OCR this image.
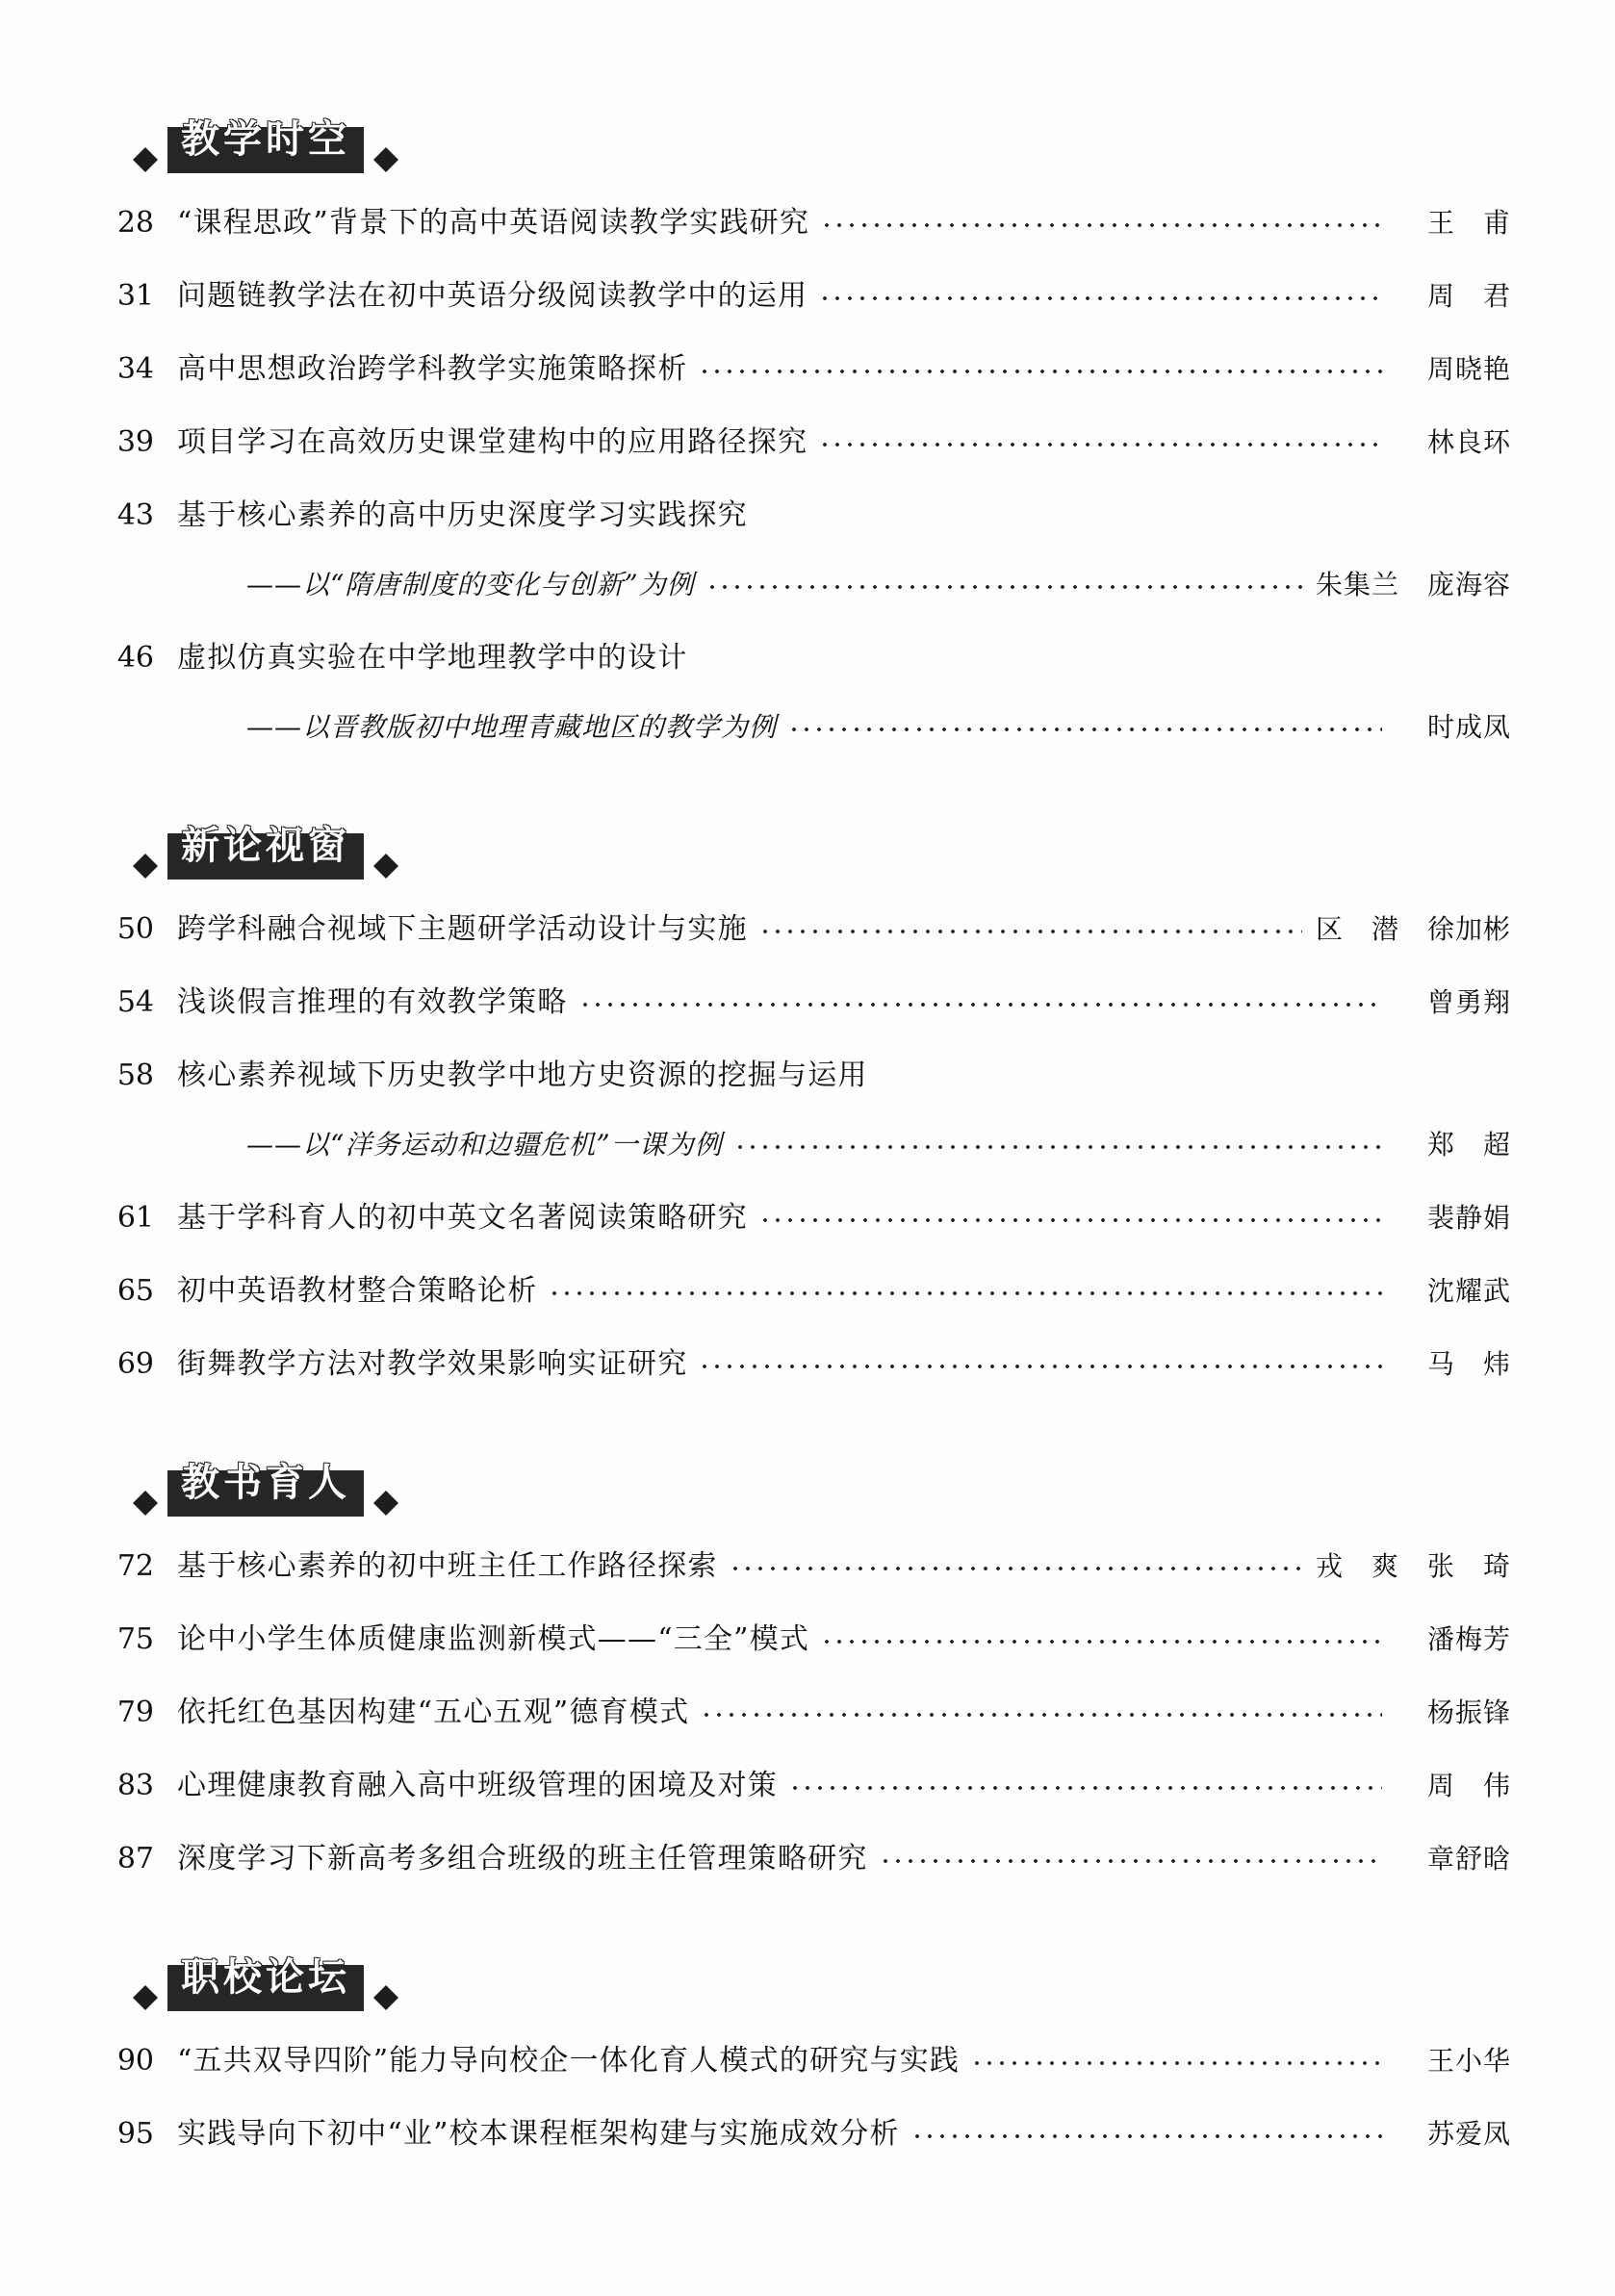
教学时空
28 “课程思政”背景下的高中英语阅读教学实践研究	王　甫
31 问题链教学法在初中英语分级阅读教学中的运用	周　君
34 高中思想政治跨学科教学实施策略探析	周晓艳
39 项目学习在高效历史课堂建构中的应用路径探究	林良环
43 基于核心素养的高中历史深度学习实践探究
——以“隋唐制度的变化与创新”为例	朱集兰　庞海容
46 虚拟仿真实验在中学地理教学中的设计
——以晋教版初中地理青藏地区的教学为例	时成凤
新论视窗
50 跨学科融合视域下主题研学活动设计与实施	区　潜　徐加彬
54 浅谈假言推理的有效教学策略	曾勇翔
58 核心素养视域下历史教学中地方史资源的挖掘与运用
——以“洋务运动和边疆危机”一课为例	郑　超
61 基于学科育人的初中英文名著阅读策略研究	裴静娟
65 初中英语教材整合策略论析	沈耀武
69 街舞教学方法对教学效果影响实证研究	马　炜
教书育人
72 基于核心素养的初中班主任工作路径探索	戎　爽　张　琦
75 论中小学生体质健康监测新模式——“三全”模式	潘梅芳
79 依托红色基因构建“五心五观”德育模式	杨振锋
83 心理健康教育融入高中班级管理的困境及对策	周　伟
87 深度学习下新高考多组合班级的班主任管理策略研究	章舒晗
职校论坛
90 “五共双导四阶”能力导向校企一体化育人模式的研究与实践	王小华
95 实践导向下初中“业”校本课程框架构建与实施成效分析	苏爱凤
